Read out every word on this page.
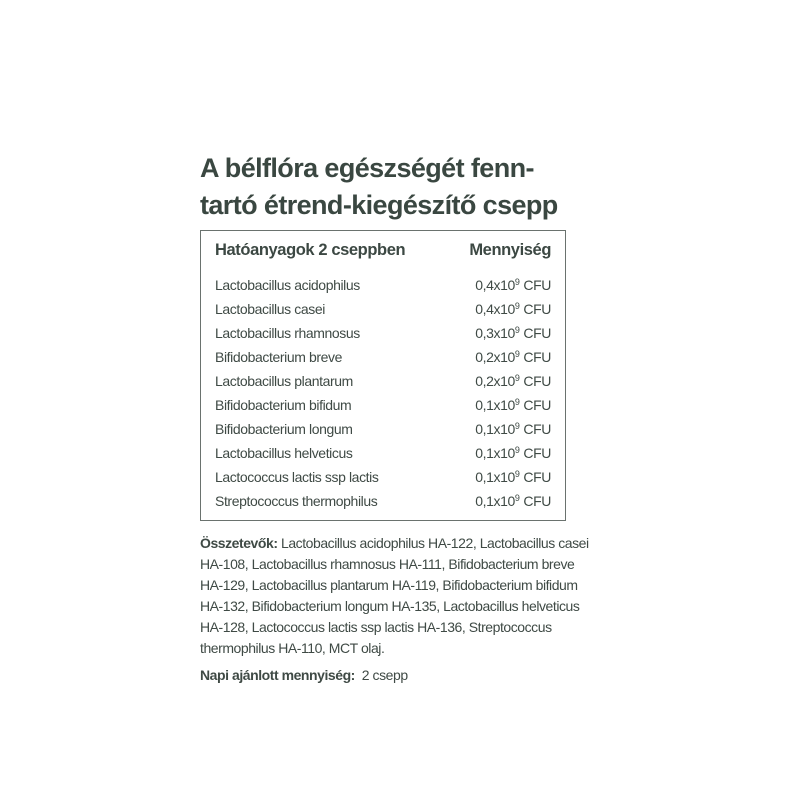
A bélflóra egészségét fenn-
tartó étrend-kiegészítő csepp
Hatóanyagok 2 cseppben	Mennyiség
Lactobacillus acidophilus	$0,4x10^9$ CFU
Lactobacillus casei	$0,4x10^9$ CFU
Lactobacillus rhamnosus	$0,3x10^9$ CFU
Bifidobacterium breve	$0,2x10^9$ CFU
Lactobacillus plantarum	$0,2x10^9$ CFU
Bifidobacterium bifidum	$0,1x10^9$ CFU
Bifidobacterium longum	$0,1x10^9$ CFU
Lactobacillus helveticus	$0,1x10^9$ CFU
Lactococcus lactis ssp lactis	$0,1x10^9$ CFU
Streptococcus thermophilus	$0,1x10^9$ CFU
Összetevők: Lactobacillus acidophilus HA-122, Lactobacillus casei HA-108, Lactobacillus rhamnosus HA-111, Bifidobacterium breve HA-129, Lactobacillus plantarum HA-119, Bifidobacterium bifidum HA-132, Bifidobacterium longum HA-135, Lactobacillus helveticus HA-128, Lactococcus lactis ssp lactis HA-136, Streptococcus thermophilus HA-110, MCT olaj.
Napi ajánlott mennyiség:  2 csepp
